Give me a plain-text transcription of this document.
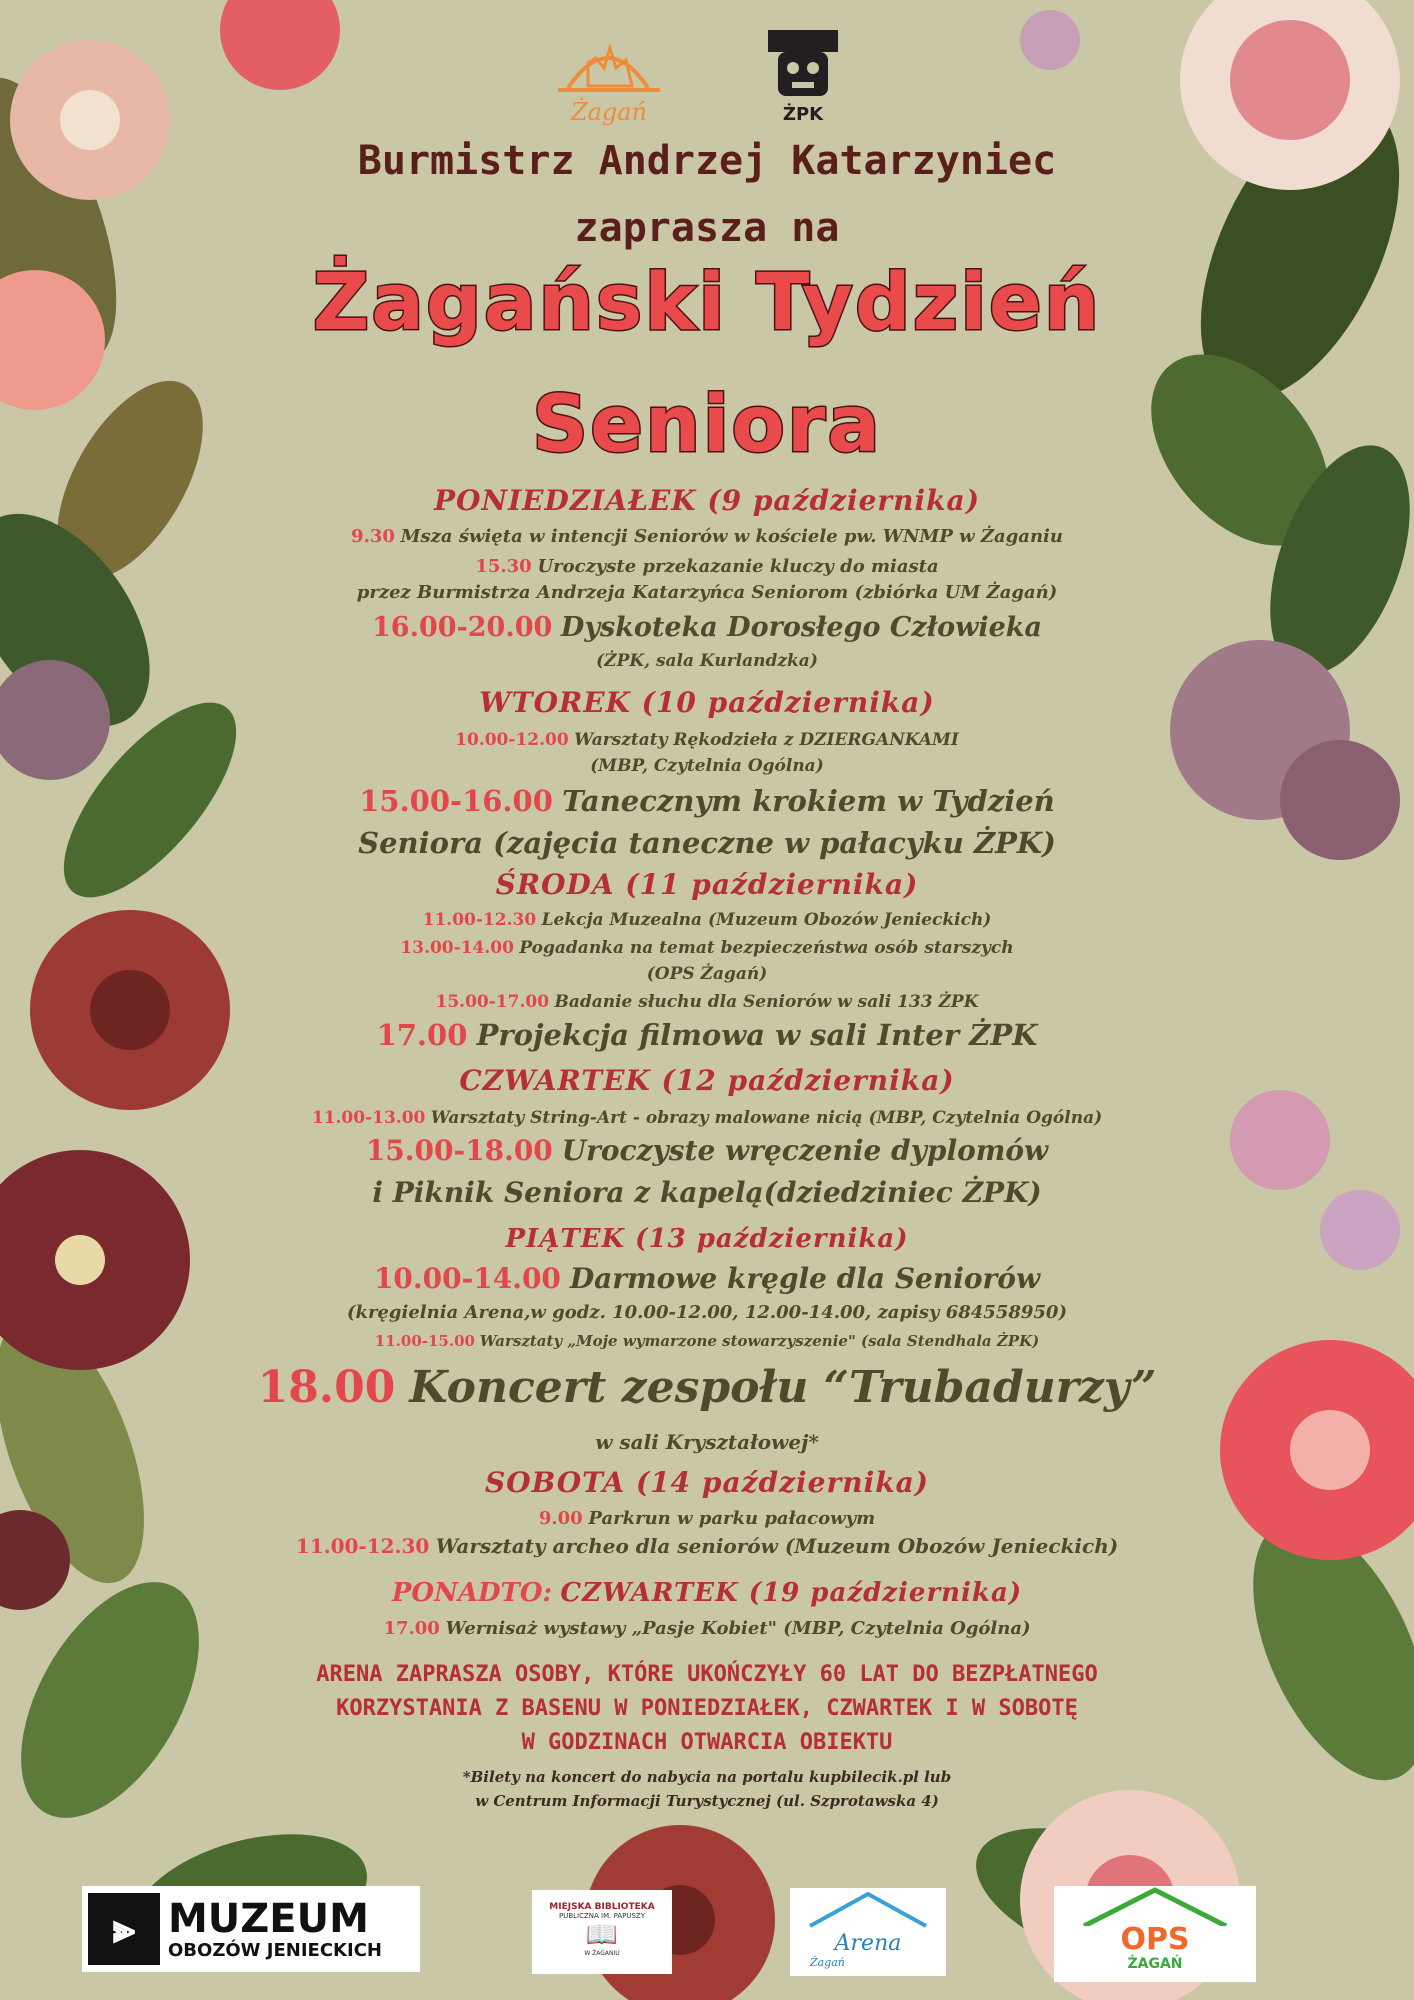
Żagań	ŻPK
Burmistrz Andrzej Katarzyniec
zaprasza na
Żagański Tydzień
Seniora
PONIEDZIAŁEK (9 października)
9.30 Msza święta w intencji Seniorów w kościele pw. WNMP w Żaganiu
15.30 Uroczyste przekazanie kluczy do miasta
przez Burmistrza Andrzeja Katarzyńca Seniorom (zbiórka UM Żagań)
16.00-20.00 Dyskoteka Dorosłego Człowieka
(ŻPK, sala Kurlandzka)
WTOREK (10 października)
10.00-12.00 Warsztaty Rękodzieła z DZIERGANKAMI
(MBP, Czytelnia Ogólna)
15.00-16.00 Tanecznym krokiem w Tydzień
Seniora (zajęcia taneczne w pałacyku ŻPK)
ŚRODA (11 października)
11.00-12.30 Lekcja Muzealna (Muzeum Obozów Jenieckich)
13.00-14.00 Pogadanka na temat bezpieczeństwa osób starszych
(OPS Żagań)
15.00-17.00 Badanie słuchu dla Seniorów w sali 133 ŻPK
17.00 Projekcja filmowa w sali Inter ŻPK
CZWARTEK (12 października)
11.00-13.00 Warsztaty String-Art - obrazy malowane nicią (MBP, Czytelnia Ogólna)
15.00-18.00 Uroczyste wręczenie dyplomów
i Piknik Seniora z kapelą(dziedziniec ŻPK)
PIĄTEK (13 października)
10.00-14.00 Darmowe kręgle dla Seniorów
(kręgielnia Arena,w godz. 10.00-12.00, 12.00-14.00, zapisy 684558950)
11.00-15.00 Warsztaty „Moje wymarzone stowarzyszenie" (sala Stendhala ŻPK)
18.00 Koncert zespołu “Trubadurzy”
w sali Kryształowej*
SOBOTA (14 października)
9.00 Parkrun w parku pałacowym
11.00-12.30 Warsztaty archeo dla seniorów (Muzeum Obozów Jenieckich)
PONADTO: CZWARTEK (19 października)
17.00 Wernisaż wystawy „Pasje Kobiet" (MBP, Czytelnia Ogólna)
ARENA ZAPRASZA OSOBY, KTÓRE UKOŃCZYŁY 60 LAT DO BEZPŁATNEGO
KORZYSTANIA Z BASENU W PONIEDZIAŁEK, CZWARTEK I W SOBOTĘ
W GODZINACH OTWARCIA OBIEKTU
*Bilety na koncert do nabycia na portalu kupbilecik.pl lub
w Centrum Informacji Turystycznej (ul. Szprotawska 4)
⫸ MUZEUM
OBOZÓW JENIECKICH
MIEJSKA BIBLIOTEKA
PUBLICZNA IM. PAPUSZY
📖
W ŻAGANIU	Arena
Żagań
OPS
ŻAGAŃ
